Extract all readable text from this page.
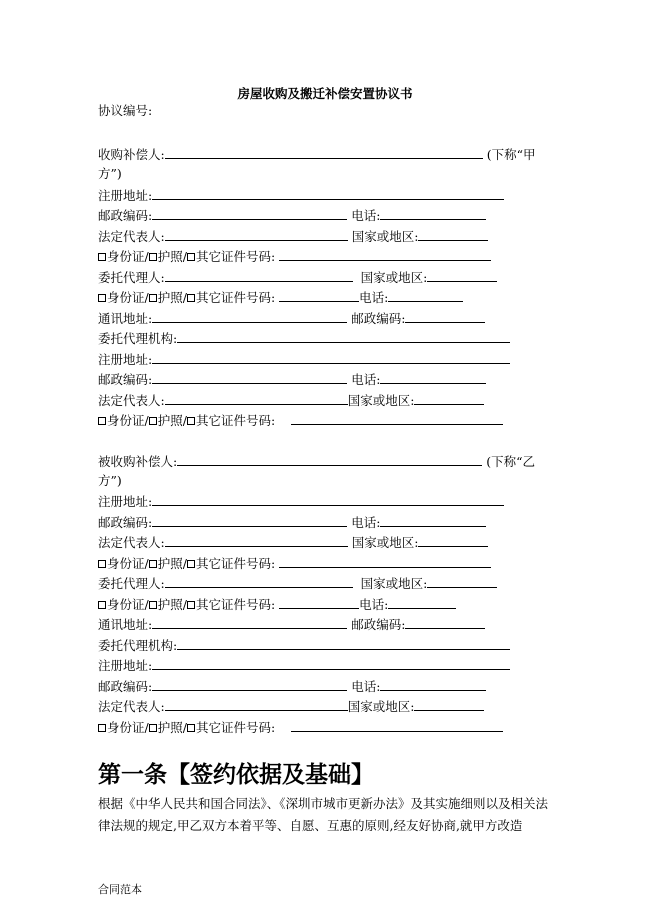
房屋收购及搬迁补偿安置协议书
协议编号:
收购补偿人:	(下称“甲
方”)
注册地址:
邮政编码:	电话:
法定代表人:	国家或地区:
身份证/ 护照/ 其它证件号码:
委托代理人:	国家或地区:
身份证/ 护照/ 其它证件号码:	电话:
通讯地址:	邮政编码:
委托代理机构:
注册地址:
邮政编码:	电话:
法定代表人:	国家或地区:
身份证/ 护照/ 其它证件号码:
被收购补偿人:	(下称“乙
方”)
注册地址:
邮政编码:	电话:
法定代表人:	国家或地区:
身份证/ 护照/ 其它证件号码:
委托代理人:	国家或地区:
身份证/ 护照/ 其它证件号码:	电话:
通讯地址:	邮政编码:
委托代理机构:
注册地址:
邮政编码:	电话:
法定代表人:	国家或地区:
身份证/ 护照/ 其它证件号码:
第一条【签约依据及基础】
根据《中华人民共和国合同法》、《深圳市城市更新办法》及其实施细则以及相关法
律法规的规定,甲乙双方本着平等、自愿、互惠的原则,经友好协商,就甲方改造
合同范本
